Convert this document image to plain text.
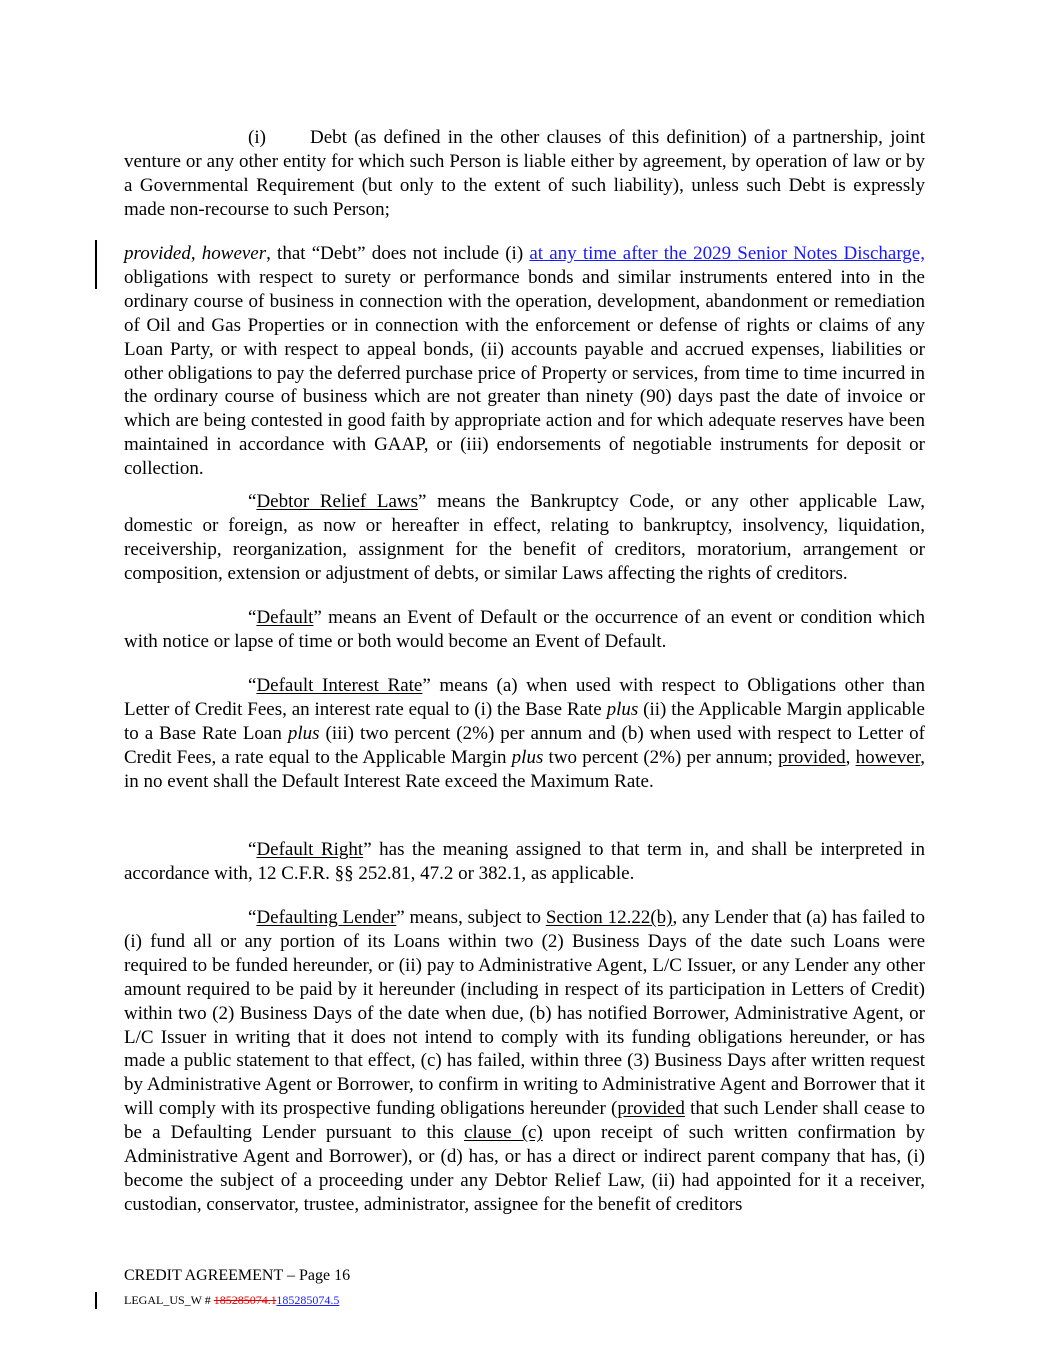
(i) Debt (as defined in the other clauses of this definition) of a partnership, joint venture or any other entity for which such Person is liable either by agreement, by operation of law or by a Governmental Requirement (but only to the extent of such liability), unless such Debt is expressly made non-recourse to such Person;

provided, however, that “Debt” does not include (i) at any time after the 2029 Senior Notes Discharge, obligations with respect to surety or performance bonds and similar instruments entered into in the ordinary course of business in connection with the operation, development, abandonment or remediation of Oil and Gas Properties or in connection with the enforcement or defense of rights or claims of any Loan Party, or with respect to appeal bonds, (ii) accounts payable and accrued expenses, liabilities or other obligations to pay the deferred purchase price of Property or services, from time to time incurred in the ordinary course of business which are not greater than ninety (90) days past the date of invoice or which are being contested in good faith by appropriate action and for which adequate reserves have been maintained in accordance with GAAP, or (iii) endorsements of negotiable instruments for deposit or collection.

“Debtor Relief Laws” means the Bankruptcy Code, or any other applicable Law, domestic or foreign, as now or hereafter in effect, relating to bankruptcy, insolvency, liquidation, receivership, reorganization, assignment for the benefit of creditors, moratorium, arrangement or composition, extension or adjustment of debts, or similar Laws affecting the rights of creditors.

“Default” means an Event of Default or the occurrence of an event or condition which with notice or lapse of time or both would become an Event of Default.

“Default Interest Rate” means (a) when used with respect to Obligations other than Letter of Credit Fees, an interest rate equal to (i) the Base Rate plus (ii) the Applicable Margin applicable to a Base Rate Loan plus (iii) two percent (2%) per annum and (b) when used with respect to Letter of Credit Fees, a rate equal to the Applicable Margin plus two percent (2%) per annum; provided, however, in no event shall the Default Interest Rate exceed the Maximum Rate.

“Default Right” has the meaning assigned to that term in, and shall be interpreted in accordance with, 12 C.F.R. §§ 252.81, 47.2 or 382.1, as applicable.

“Defaulting Lender” means, subject to Section 12.22(b), any Lender that (a) has failed to (i) fund all or any portion of its Loans within two (2) Business Days of the date such Loans were required to be funded hereunder, or (ii) pay to Administrative Agent, L/C Issuer, or any Lender any other amount required to be paid by it hereunder (including in respect of its participation in Letters of Credit) within two (2) Business Days of the date when due, (b) has notified Borrower, Administrative Agent, or L/C Issuer in writing that it does not intend to comply with its funding obligations hereunder, or has made a public statement to that effect, (c) has failed, within three (3) Business Days after written request by Administrative Agent or Borrower, to confirm in writing to Administrative Agent and Borrower that it will comply with its prospective funding obligations hereunder (provided that such Lender shall cease to be a Defaulting Lender pursuant to this clause (c) upon receipt of such written confirmation by Administrative Agent and Borrower), or (d) has, or has a direct or indirect parent company that has, (i) become the subject of a proceeding under any Debtor Relief Law, (ii) had appointed for it a receiver, custodian, conservator, trustee, administrator, assignee for the benefit of creditors

CREDIT AGREEMENT – Page 16
LEGAL_US_W # 185285074.1185285074.5
